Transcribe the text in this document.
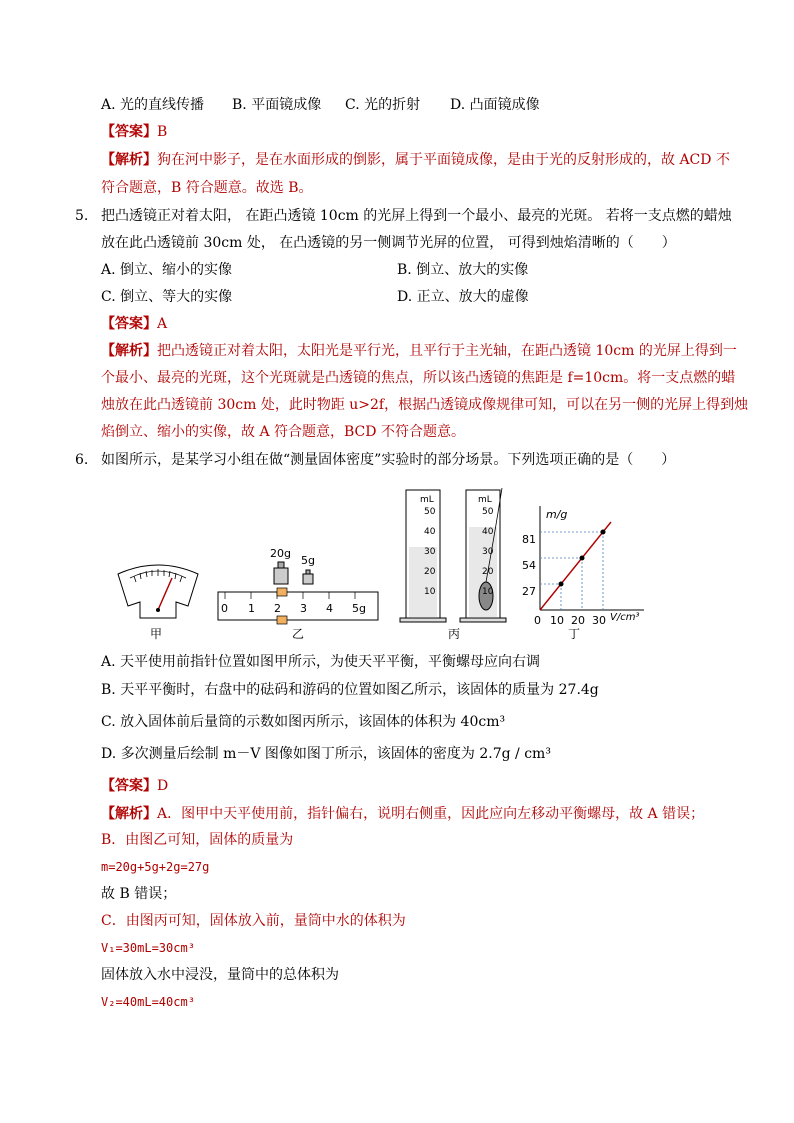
A. 光的直线传播 B. 平面镜成像 C. 光的折射 D. 凸面镜成像
【答案】B
【解析】狗在河中影子，是在水面形成的倒影，属于平面镜成像，是由于光的反射形成的，故 ACD 不
符合题意，B 符合题意。故选 B。
5. 把凸透镜正对着太阳， 在距凸透镜 10cm 的光屏上得到一个最小、最亮的光斑。 若将一支点燃的蜡烛
放在此凸透镜前 30cm 处， 在凸透镜的另一侧调节光屏的位置， 可得到烛焰清晰的（　　）
A. 倒立、缩小的实像	B. 倒立、放大的实像
C. 倒立、等大的实像	D. 正立、放大的虚像
【答案】A
【解析】把凸透镜正对着太阳，太阳光是平行光，且平行于主光轴，在距凸透镜 10cm 的光屏上得到一
个最小、最亮的光斑，这个光斑就是凸透镜的焦点，所以该凸透镜的焦距是 f=10cm。将一支点燃的蜡
烛放在此凸透镜前 30cm 处，此时物距 u>2f，根据凸透镜成像规律可知，可以在另一侧的光屏上得到烛
焰倒立、缩小的实像，故 A 符合题意，BCD 不符合题意。
6. 如图所示，是某学习小组在做“测量固体密度”实验时的部分场景。下列选项正确的是（　　）
甲
20g
5g
0 1 2 3 4 5g
乙
mL
50
40
30
20
10
mL
50
40
30
20
10
丙
m/g
V/cm³
81
54
27
0 10 20 30
丁
A. 天平使用前指针位置如图甲所示，为使天平平衡，平衡螺母应向右调
B. 天平平衡时，右盘中的砝码和游码的位置如图乙所示，该固体的质量为 27.4g
C. 放入固体前后量筒的示数如图丙所示，该固体的体积为 40cm³
D. 多次测量后绘制 m－V 图像如图丁所示，该固体的密度为 2.7g / cm³
【答案】D
【解析】A．图甲中天平使用前，指针偏右，说明右侧重，因此应向左移动平衡螺母，故 A 错误；
B．由图乙可知，固体的质量为
m=20g+5g+2g=27g
故 B 错误；
C．由图丙可知，固体放入前，量筒中水的体积为
V₁=30mL=30cm³
固体放入水中浸没，量筒中的总体积为
V₂=40mL=40cm³
